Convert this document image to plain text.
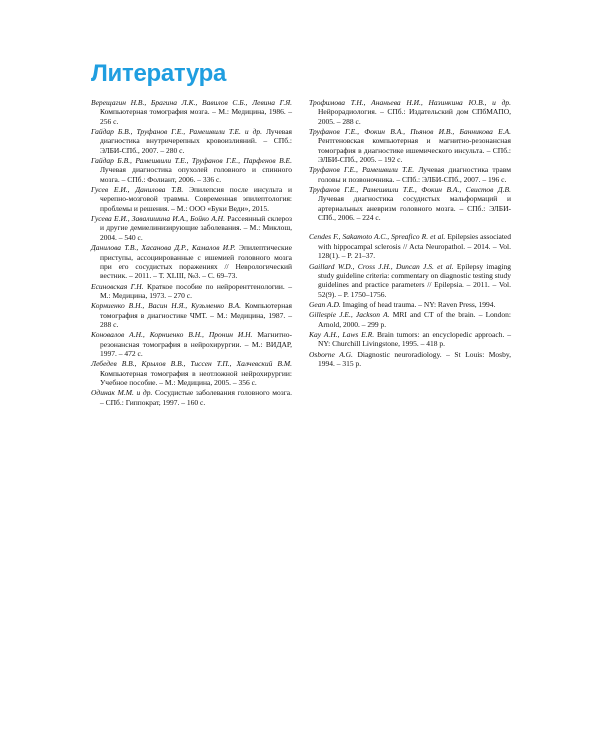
Литература

Верещагин Н.В., Брагина Л.К., Вавилов С.Б., Левина Г.Я. Компьютерная томография мозга. – М.: Медицина, 1986. – 256 с.

Гайдар Б.В., Труфанов Г.Е., Рамешвили Т.Е. и др. Лучевая диагностика внутричерепных кровоизлияний. – СПб.: ЭЛБИ-СПб., 2007. – 280 с.

Гайдар Б.В., Рамешвили Т.Е., Труфанов Г.Е., Парфенов В.Е. Лучевая диагностика опухолей головного и спинного мозга. – СПб.: Фолиант, 2006. – 336 с.

Гусев Е.И., Данилова Т.В. Эпилепсия после инсульта и черепно-мозговой травмы. Современная эпилептология: проблемы и решения. – М.: ООО «Буки Веди», 2015.

Гусева Е.И., Завалишина И.А., Бойко А.Н. Рассеянный склероз и другие демиелинизирующие заболевания. – М.: Миклош, 2004. – 540 с.

Данилова Т.В., Хасанова Д.Р., Камалов И.Р. Эпилептические приступы, ассоциированные с ишемией головного мозга при его сосудистых поражениях // Неврологический вестник. – 2011. – Т. XLIII, №3. – С. 69–73.

Есиновская Г.Н. Краткое пособие по нейроренттенологии. – М.: Медицина, 1973. – 270 с.

Корниенко В.Н., Васин Н.Я., Кузьменко В.А. Компьютерная томография в диагностике ЧМТ. – М.: Медицина, 1987. – 288 с.

Коновалов А.Н., Корниенко В.Н., Пронин И.Н. Магнитно-резонансная томография в нейрохирургии. – М.: ВИДАР, 1997. – 472 с.

Лебедев В.В., Крылов В.В., Тиссен Т.П., Халчевский В.М. Компьютерная томография в неотложной нейрохирургии: Учебное пособие. – М.: Медицина, 2005. – 356 с.

Одинак М.М. и др. Сосудистые заболевания головного мозга. – СПб.: Гиппократ, 1997. – 160 с.

Трофимова Т.Н., Ананьева Н.И., Назинкина Ю.В., и др. Нейрорадиология. – СПб.: Издательский дом СПбМАПО, 2005. – 288 с.

Труфанов Г.Е., Фокин В.А., Пьянов И.В., Банникова Е.А. Рентгеновская компьютерная и магнитно-резонансная томография в диагностике ишемического инсульта. – СПб.: ЭЛБИ-СПб., 2005. – 192 с.

Труфанов Г.Е., Рамешвили Т.Е. Лучевая диагностика травм головы и позвоночника. – СПб.: ЭЛБИ-СПб., 2007. – 196 с.

Труфанов Г.Е., Рамешвили Т.Е., Фокин В.А., Свистов Д.В. Лучевая диагностика сосудистых мальформаций и артериальных аневризм головного мозга. – СПб.: ЭЛБИ-СПб., 2006. – 224 с.

Cendes F., Sakamoto A.C., Spreafico R. et al. Epilepsies associated with hippocampal sclerosis // Acta Neuropathol. – 2014. – Vol. 128(1). – P. 21–37.

Gaillard W.D., Cross J.H., Duncan J.S. et al. Epilepsy imaging study guideline criteria: commentary on diagnostic testing study guidelines and practice parameters // Epilepsia. – 2011. – Vol. 52(9). – P. 1750–1756.

Gean A.D. Imaging of head trauma. – NY: Raven Press, 1994.

Gillespie J.E., Jackson A. MRI and CT of the brain. – London: Arnold, 2000. – 299 p.

Kay A.H., Laws E.R. Brain tumors: an encyclopedic approach. – NY: Churchill Livingstone, 1995. – 418 p.

Osborne A.G. Diagnostic neuroradiology. – St Louis: Mosby, 1994. – 315 p.
